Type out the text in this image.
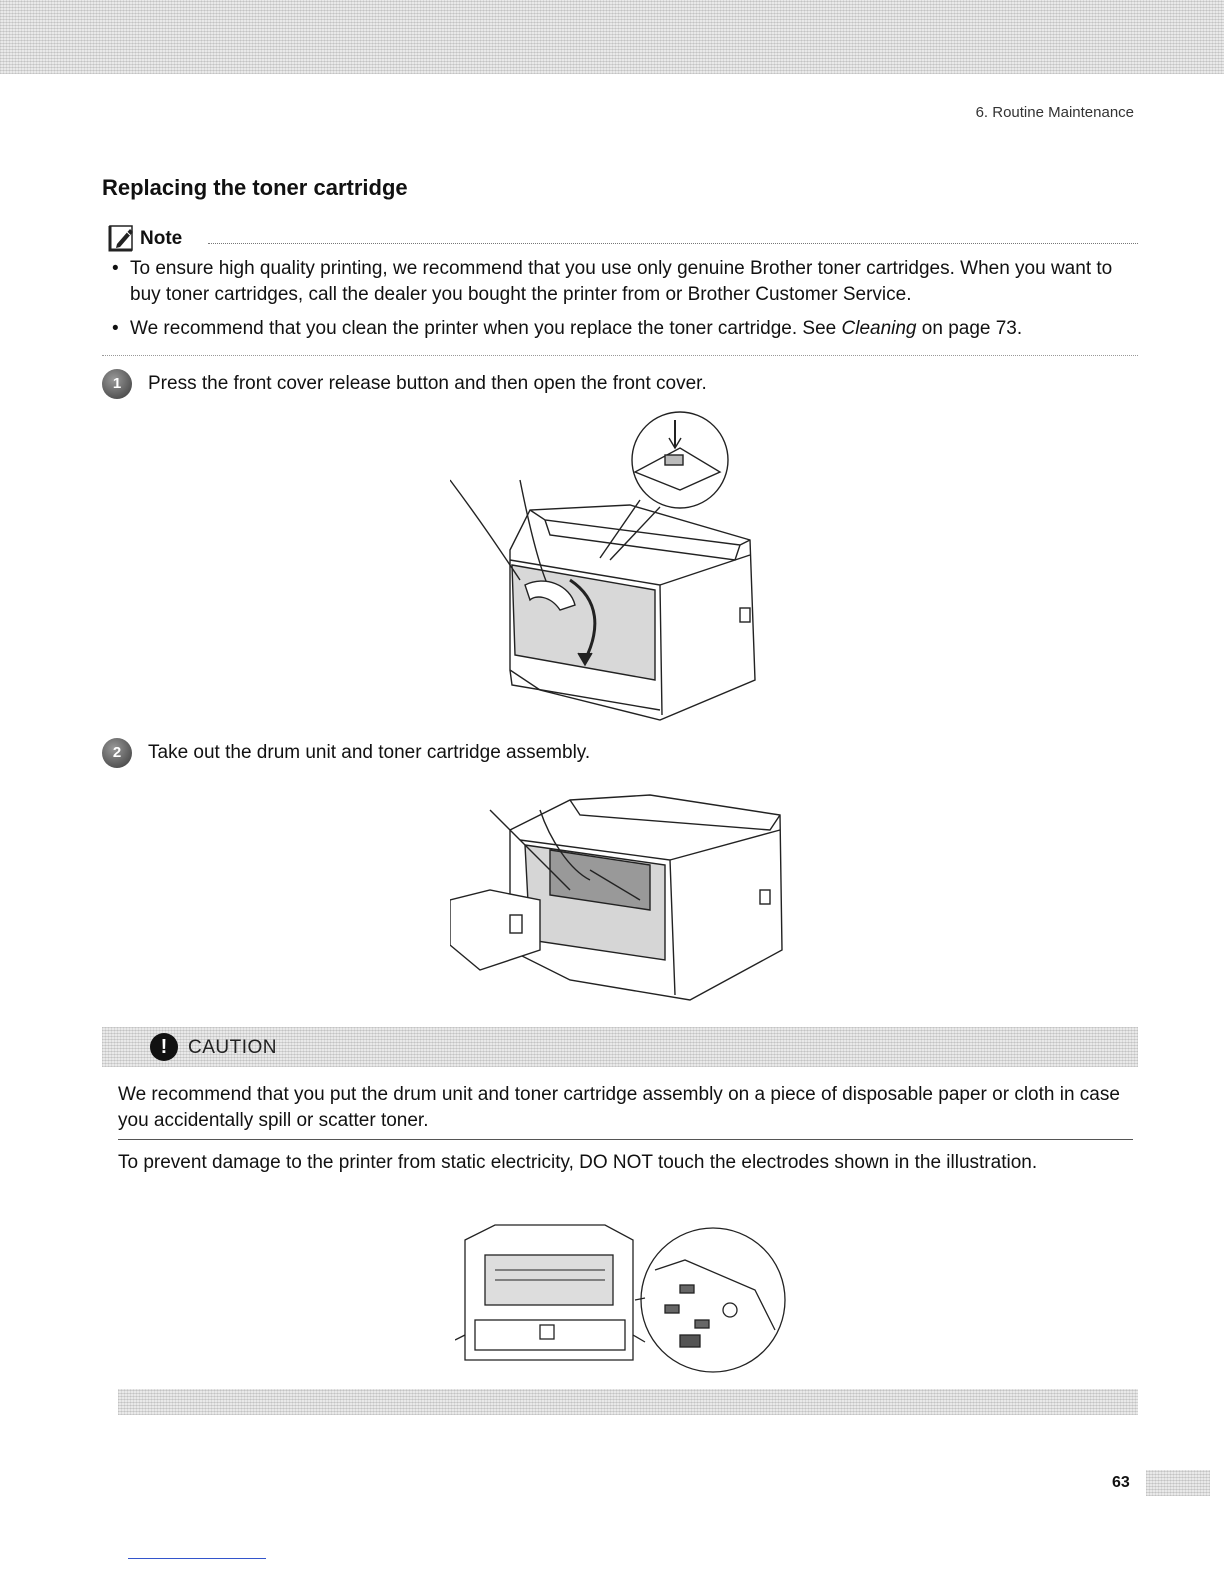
6. Routine Maintenance
Replacing the toner cartridge
Note
• To ensure high quality printing, we recommend that you use only genuine Brother toner cartridges. When you want to buy toner cartridges, call the dealer you bought the printer from or Brother Customer Service.
• We recommend that you clean the printer when you replace the toner cartridge. See Cleaning on page 73.
1	Press the front cover release button and then open the front cover.
2	Take out the drum unit and toner cartridge assembly.
!	CAUTION

We recommend that you put the drum unit and toner cartridge assembly on a piece of disposable paper or cloth in case you accidentally spill or scatter toner.

To prevent damage to the printer from static electricity, DO NOT touch the electrodes shown in the illustration.

63
